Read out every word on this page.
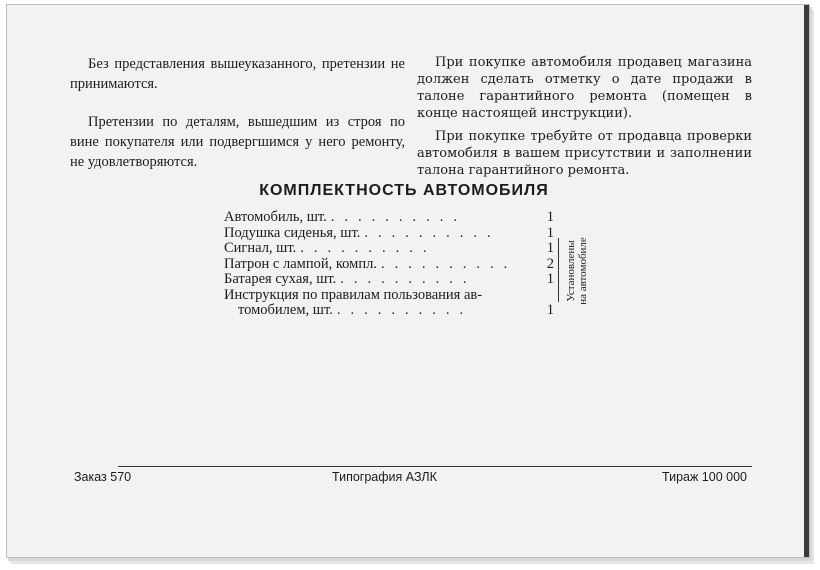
Без представления вышеуказанного, претензии не принимаются.

Претензии по деталям, вышедшим из строя по вине покупателя или подвергшимся у него ремонту, не удовлетворяются.

При покупке автомобиля продавец магазина должен сделать отметку о дате продажи в талоне гарантийного ремонта (помещен в конце настоящей инструкции).

При покупке требуйте от продавца проверки автомобиля в вашем присутствии и заполнении талона гарантийного ремонта.

КОМПЛЕКТНОСТЬ АВТОМОБИЛЯ
Автомобиль, шт. ..........	1
Подушка сиденья, шт. ..........	1
Сигнал, шт. ..........	1
Патрон с лампой, компл. ..........	2
Батарея сухая, шт. ..........	1
Инструкция по правилам пользования ав-
томобилем, шт. ..........	1
Установлены на автомобиле
Заказ 570	Типография АЗЛК	Тираж 100 000
